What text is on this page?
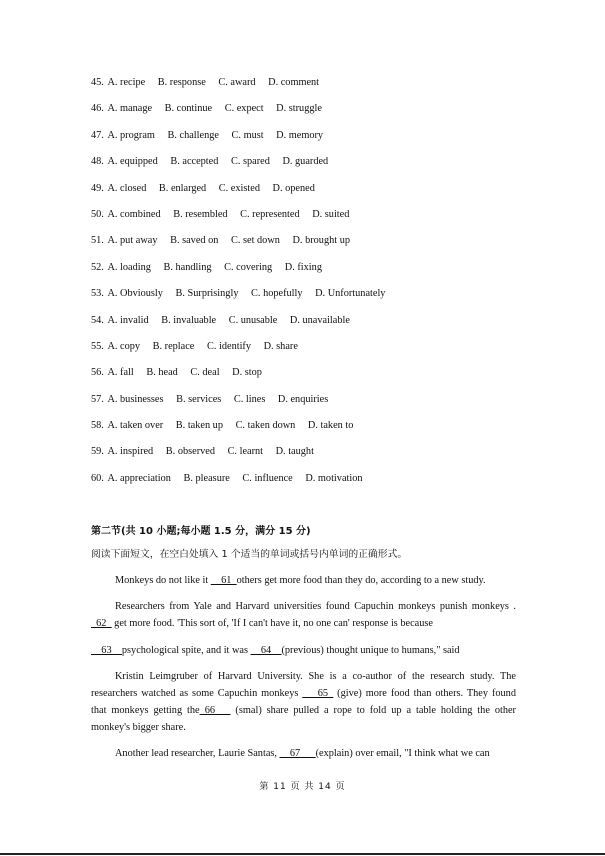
45. A. recipe B. response C. award D. comment
46. A. manage B. continue C. expect D. struggle
47. A. program B. challenge C. must D. memory
48. A. equipped B. accepted C. spared D. guarded
49. A. closed B. enlarged C. existed D. opened
50. A. combined B. resembled C. represented D. suited
51. A. put away B. saved on C. set down D. brought up
52. A. loading B. handling C. covering D. fixing
53. A. Obviously B. Surprisingly C. hopefully D. Unfortunately
54. A. invalid B. invaluable C. unusable D. unavailable
55. A. copy B. replace C. identify D. share
56. A. fall B. head C. deal D. stop
57. A. businesses B. services C. lines D. enquiries
58. A. taken over B. taken up C. taken down D. taken to
59. A. inspired B. observed C. learnt D. taught
60. A. appreciation B. pleasure C. influence D. motivation
第二节(共 10 小题;每小题 1.5 分，满分 15 分)
阅读下面短文，在空白处填入 1 个适当的单词或括号内单词的正确形式。

Monkeys do not like it __61_others get more food than they do, according to a new study.

Researchers from Yale and Harvard universities found Capuchin monkeys punish monkeys . _62_ get more food. 'This sort of, 'If I can't have it, no one can' response is because

__63__psychological spite, and it was __64__(previous) thought unique to humans," said

Kristin Leimgruber of Harvard University. She is a co-author of the research study. The researchers watched as some Capuchin monkeys ___65_ (give) more food than others. They found that monkeys getting the_66___ (smal) share pulled a rope to fold up a table holding the other monkey's bigger share.

Another lead researcher, Laurie Santas, __67___(explain) over email, "I think what we can

第 11 页 共 14 页
